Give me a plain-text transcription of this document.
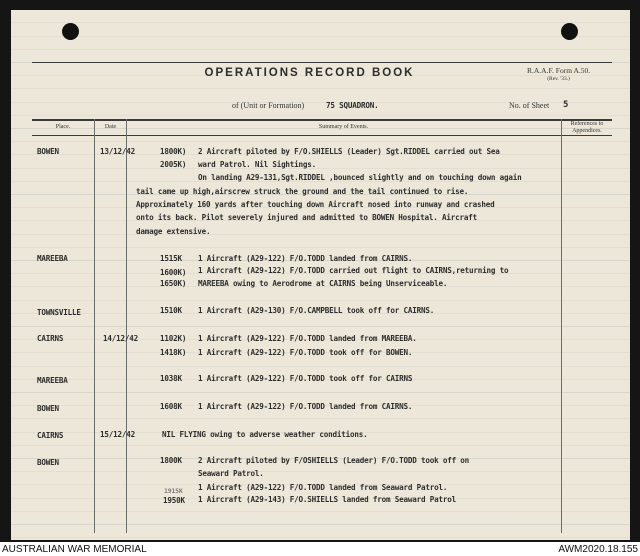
OPERATIONS RECORD BOOK	R.A.A.F. Form A.50.
(Rev. '33.)
of (Unit or Formation)	75 SQUADRON.	No. of Sheet 5
Place.	Date	Summary of Events.	References to Appendices.
BOWEN	13/12/42	1800K) 2 Aircraft piloted by F/O.SHIELLS (Leader) Sgt.RIDDEL carried out Sea
2005K) ward Patrol. Nil Sightings.
On landing A29-131,Sgt.RIDDEL ,bounced slightly and on touching down again
tail came up high,airscrew struck the ground and the tail continued to rise.
Approximately 160 yards after touching down Aircraft nosed into runway and crashed
onto its back. Pilot severely injured and admitted to BOWEN Hospital. Aircraft
damage extensive.
MAREEBA	1515K 1 Aircraft (A29-122) F/O.TODD landed from CAIRNS.
1600K) 1 Aircraft (A29-122) F/O.TODD carried out flight to CAIRNS,returning to
1650K) MAREEBA owing to Aerodrome at CAIRNS being Unserviceable.
TOWNSVILLE	1510K 1 Aircraft (A29-130) F/O.CAMPBELL took off for CAIRNS.
CAIRNS	14/12/42	1102K) 1 Aircraft (A29-122) F/O.TODD landed from MAREEBA.
1418K) 1 Aircraft (A29-122) F/O.TODD took off for BOWEN.
MAREEBA	1038K 1 Aircraft (A29-122) F/O.TODD took off for CAIRNS
BOWEN	1608K 1 Aircraft (A29-122) F/O.TODD landed from CAIRNS.
CAIRNS	15/12/42	NIL FLYING owing to adverse weather conditions.
BOWEN	1800K 2 Aircraft piloted by F/OSHIELLS (Leader) F/O.TODD took off on
Seaward Patrol.
1915K 1 Aircraft (A29-122) F/O.TODD landed from Seaward Patrol.
1950K 1 Aircraft (A29-143) F/O.SHIELLS landed from Seaward Patrol
AUSTRALIAN WAR MEMORIAL	AWM2020.18.155
